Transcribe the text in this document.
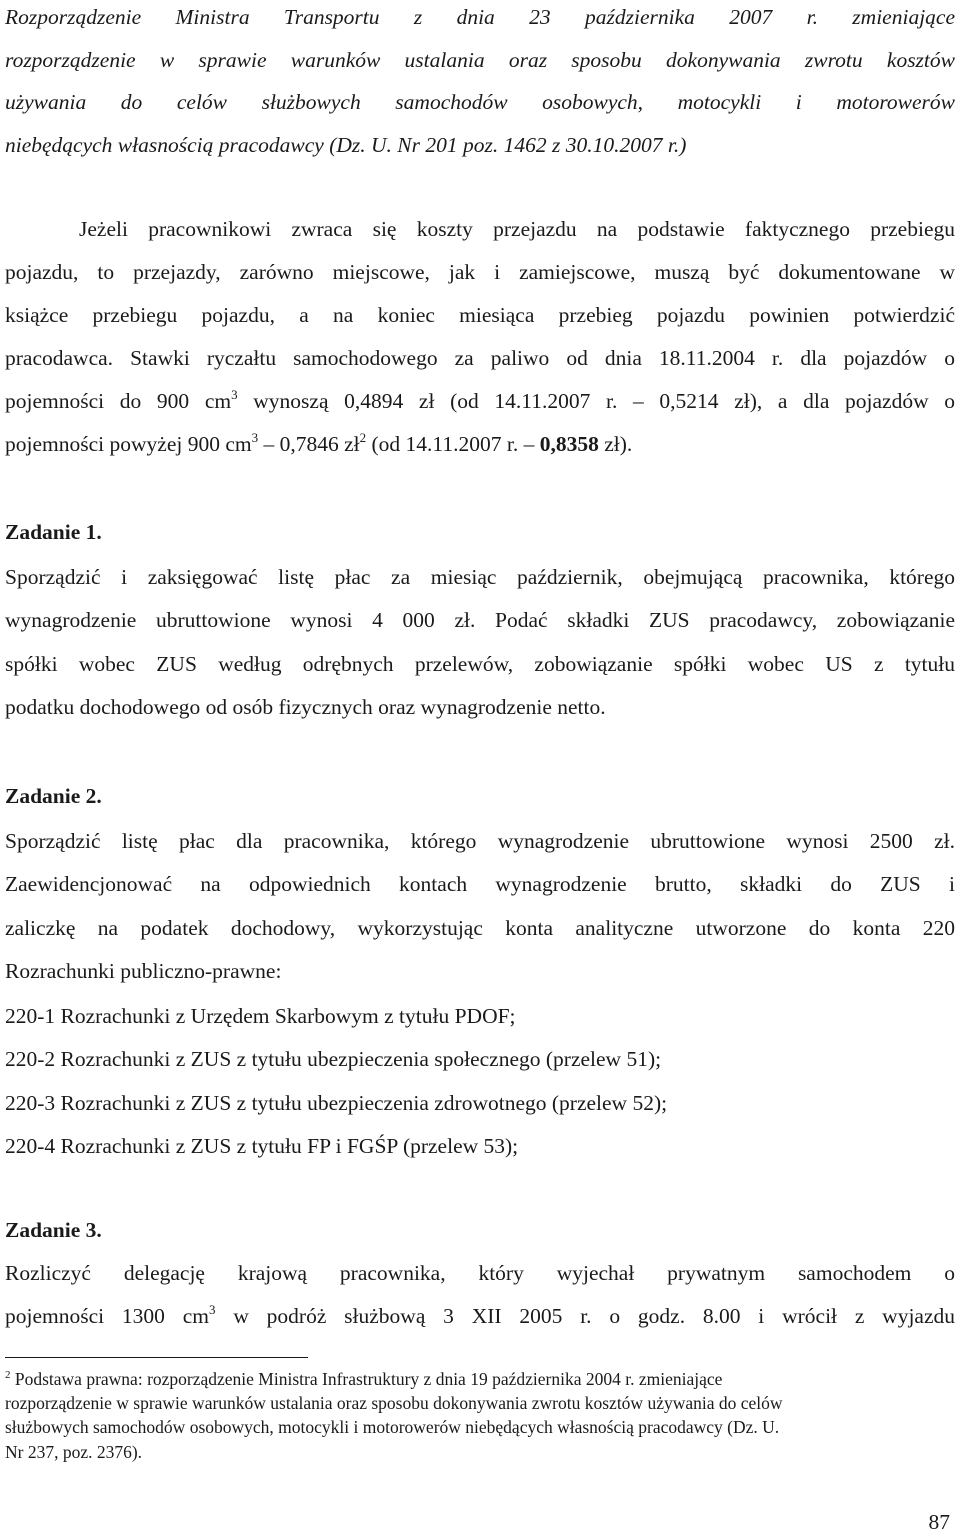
Rozporządzenie Ministra Transportu z dnia 23 października 2007 r. zmieniające
rozporządzenie w sprawie warunków ustalania oraz sposobu dokonywania zwrotu kosztów
używania do celów służbowych samochodów osobowych, motocykli i motorowerów
niebędących własnością pracodawcy (Dz. U. Nr 201 poz. 1462 z 30.10.2007 r.)
Jeżeli pracownikowi zwraca się koszty przejazdu na podstawie faktycznego przebiegu
pojazdu, to przejazdy, zarówno miejscowe, jak i zamiejscowe, muszą być dokumentowane w
książce przebiegu pojazdu, a na koniec miesiąca przebieg pojazdu powinien potwierdzić
pracodawca. Stawki ryczałtu samochodowego za paliwo od dnia 18.11.2004 r. dla pojazdów o
pojemności do 900 $cm^3$ wynoszą 0,4894 zł (od 14.11.2007 r. – 0,5214 zł), a dla pojazdów o
pojemności powyżej 900 $cm^3 - 0,7846$ $zł^2$ (od 14.11.2007 r. – 0,8358 zł).
Zadanie 1.
Sporządzić i zaksięgować listę płac za miesiąc październik, obejmującą pracownika, którego
wynagrodzenie ubruttowione wynosi 4 000 zł. Podać składki ZUS pracodawcy, zobowiązanie
spółki wobec ZUS według odrębnych przelewów, zobowiązanie spółki wobec US z tytułu
podatku dochodowego od osób fizycznych oraz wynagrodzenie netto.
Zadanie 2.
Sporządzić listę płac dla pracownika, którego wynagrodzenie ubruttowione wynosi 2500 zł.
Zaewidencjonować na odpowiednich kontach wynagrodzenie brutto, składki do ZUS i
zaliczkę na podatek dochodowy, wykorzystując konta analityczne utworzone do konta 220
Rozrachunki publiczno-prawne:
220-1 Rozrachunki z Urzędem Skarbowym z tytułu PDOF;
220-2 Rozrachunki z ZUS z tytułu ubezpieczenia społecznego (przelew 51);
220-3 Rozrachunki z ZUS z tytułu ubezpieczenia zdrowotnego (przelew 52);
220-4 Rozrachunki z ZUS z tytułu FP i FGŚP (przelew 53);
Zadanie 3.
Rozliczyć delegację krajową pracownika, który wyjechał prywatnym samochodem o
pojemności 1300 $cm^3$ w podróż służbową 3 XII 2005 r. o godz. 8.00 i wrócił z wyjazdu
$^2$ Podstawa prawna: rozporządzenie Ministra Infrastruktury z dnia 19 października 2004 r. zmieniające
rozporządzenie w sprawie warunków ustalania oraz sposobu dokonywania zwrotu kosztów używania do celów
służbowych samochodów osobowych, motocykli i motorowerów niebędących własnością pracodawcy (Dz. U.
Nr 237, poz. 2376).
87
